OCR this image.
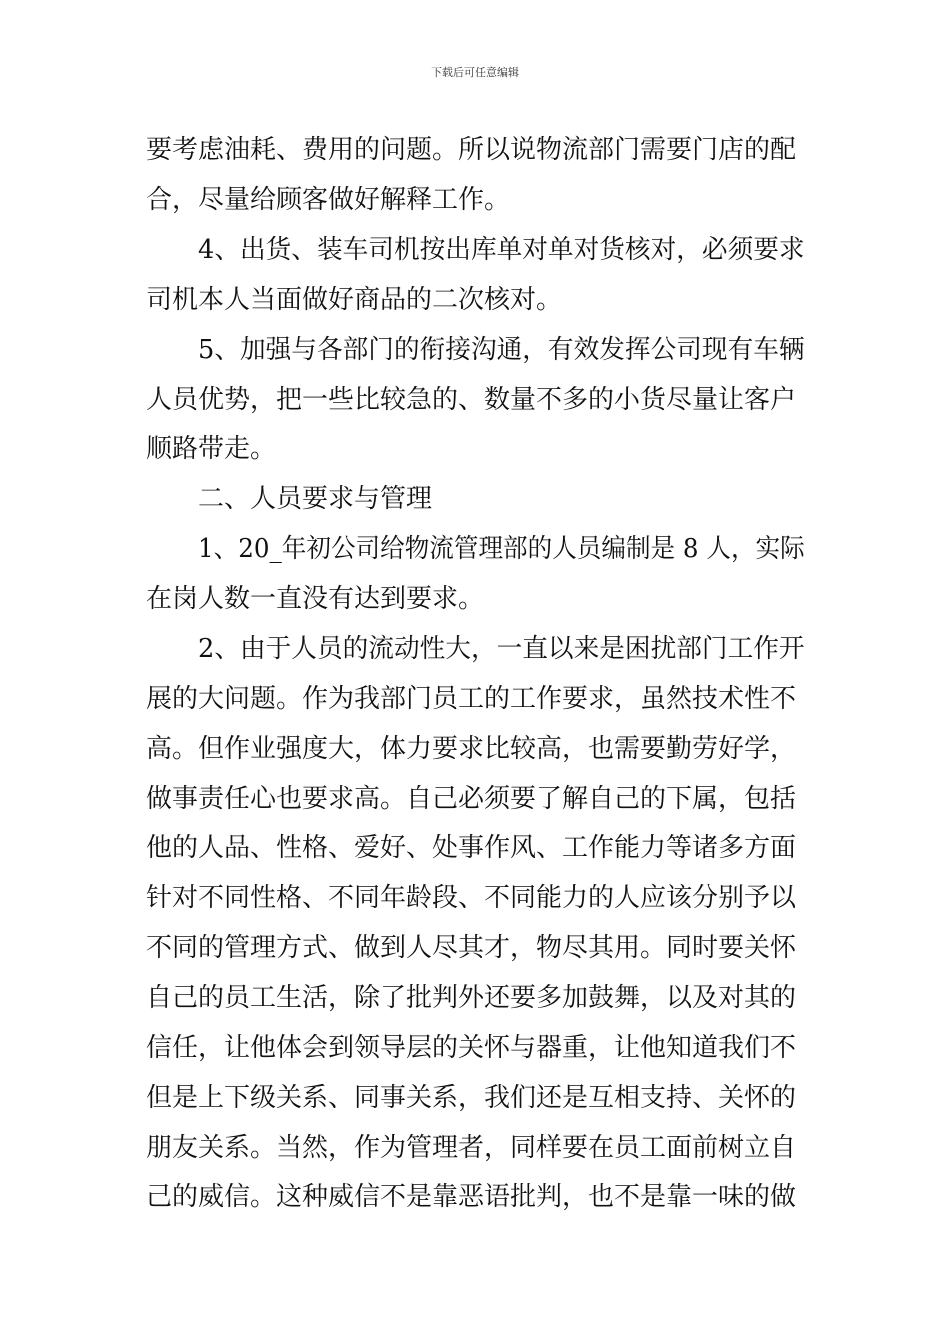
下载后可任意编辑
要考虑油耗、费用的问题。所以说物流部门需要门店的配
合，尽量给顾客做好解释工作。
4、出货、装车司机按出库单对单对货核对，必须要求
司机本人当面做好商品的二次核对。
5、加强与各部门的衔接沟通，有效发挥公司现有车辆
人员优势，把一些比较急的、数量不多的小货尽量让客户
顺路带走。
二、人员要求与管理
1、20_年初公司给物流管理部的人员编制是 8 人，实际
在岗人数一直没有达到要求。
2、由于人员的流动性大，一直以来是困扰部门工作开
展的大问题。作为我部门员工的工作要求，虽然技术性不
高。但作业强度大，体力要求比较高，也需要勤劳好学，
做事责任心也要求高。自己必须要了解自己的下属，包括
他的人品、性格、爱好、处事作风、工作能力等诸多方面
针对不同性格、不同年龄段、不同能力的人应该分别予以
不同的管理方式、做到人尽其才，物尽其用。同时要关怀
自己的员工生活，除了批判外还要多加鼓舞，以及对其的
信任，让他体会到领导层的关怀与器重，让他知道我们不
但是上下级关系、同事关系，我们还是互相支持、关怀的
朋友关系。当然，作为管理者，同样要在员工面前树立自
己的威信。这种威信不是靠恶语批判，也不是靠一味的做
